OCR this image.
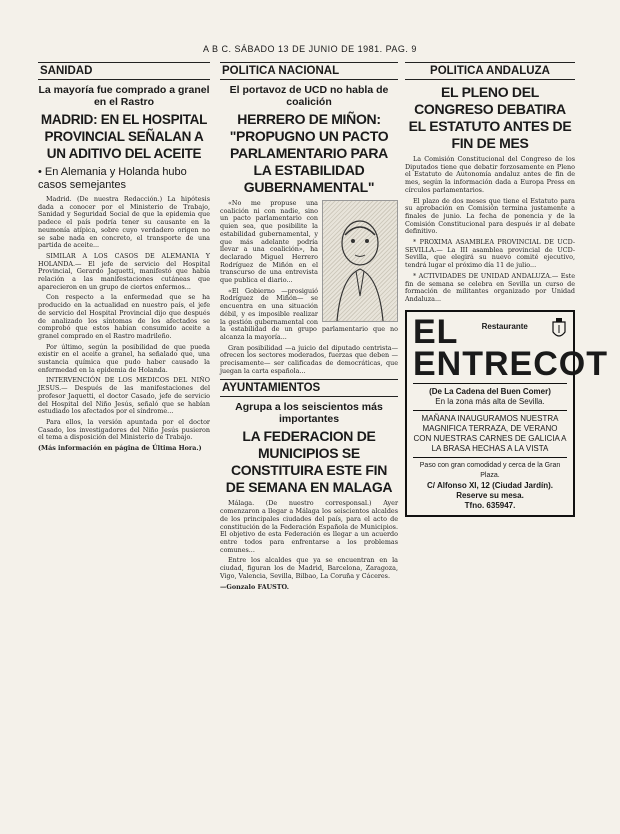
A B C. SÁBADO 13 DE JUNIO DE 1981. PAG. 9
SANIDAD
La mayoría fue comprado a granel en el Rastro
MADRID: EN EL HOSPITAL PROVINCIAL SEÑALAN A UN ADITIVO DEL ACEITE
• En Alemania y Holanda hubo casos semejantes

Madrid. (De nuestra Redacción.) La hipótesis dada a conocer por el Ministerio de Trabajo, Sanidad y Seguridad Social de que la epidemia que padece el país podría tener su causante en la neumonía atípica, sobre cuyo verdadero origen no se sabe nada en concreto, el transporte de una partida de aceite...

SIMILAR A LOS CASOS DE ALEMANIA Y HOLANDA.— El jefe de servicio del Hospital Provincial, Gerardo Jaquetti, manifestó que había relación a las manifestaciones cutáneas que aparecieron en un grupo de ciertos enfermos...

Con respecto a la enfermedad que se ha producido en la actualidad en nuestro país, el jefe de servicio del Hospital Provincial dijo que después de analizado los síntomas de los afectados se comprobó que estos habían consumido aceite a granel comprado en el Rastro madrileño.

Por último, según la posibilidad de que pueda existir en el aceite a granel, ha señalado que, una sustancia química que pudo haber causado la enfermedad en la epidemia de Holanda.

INTERVENCIÓN DE LOS MEDICOS DEL NIÑO JESUS.— Después de las manifestaciones del profesor Jaquetti, el doctor Casado, jefe de servicio del Hospital del Niño Jesús, señaló que se habían estudiado los afectados por el síndrome...

Para ellos, la versión apuntada por el doctor Casado, los investigadores del Niño Jesús pusieron el tema a disposición del Ministerio de Trabajo.

(Más información en página de Última Hora.)
POLITICA NACIONAL
El portavoz de UCD no habla de coalición
HERRERO DE MIÑON: "PROPUGNO UN PACTO PARLAMENTARIO PARA LA ESTABILIDAD GUBERNAMENTAL"

«No me propuse una coalición ni con nadie, sino un pacto parlamentario con quien sea, que posibilite la estabilidad gubernamental, y que más adelante podría llevar a una coalición», ha declarado Miguel Herrero Rodríguez de Miñón en el transcurso de una entrevista que publica el diario...

«El Gobierno —prosiguió Rodríguez de Miñón— se encuentra en una situación débil, y es imposible realizar la gestión gubernamental con la estabilidad de un grupo parlamentario que no alcanza la mayoría...

Gran posibilidad —a juicio del diputado centrista— ofrecen los sectores moderados, fuerzas que deben —precisamente— ser calificadas de democráticas, que juegan la carta española...

AYUNTAMIENTOS
Agrupa a los seiscientos más importantes
LA FEDERACION DE MUNICIPIOS SE CONSTITUIRA ESTE FIN DE SEMANA EN MALAGA

Málaga. (De nuestro corresponsal.) Ayer comenzaron a llegar a Málaga los seiscientos alcaldes de los principales ciudades del país, para el acto de constitución de la Federación Española de Municipios. El objetivo de esta Federación es llegar a un acuerdo entre todos para enfrentarse a los problemas comunes...

Entre los alcaldes que ya se encuentran en la ciudad, figuran los de Madrid, Barcelona, Zaragoza, Vigo, Valencia, Sevilla, Bilbao, La Coruña y Cáceres.

—Gonzalo FAUSTO.
POLITICA ANDALUZA
EL PLENO DEL CONGRESO DEBATIRA EL ESTATUTO ANTES DE FIN DE MES

La Comisión Constitucional del Congreso de los Diputados tiene que debatir forzosamente en Pleno el Estatuto de Autonomía andaluz antes de fin de mes, según la información dada a Europa Press en círculos parlamentarios.

El plazo de dos meses que tiene el Estatuto para su aprobación en Comisión termina justamente a finales de junio. La fecha de ponencia y de la Comisión Constitucional para después ir al debate definitivo.

* PROXIMA ASAMBLEA PROVINCIAL DE UCD-SEVILLA.— La III asamblea provincial de UCD-Sevilla, que elegirá su nuevo comité ejecutivo, tendrá lugar el próximo día 11 de julio...

* ACTIVIDADES DE UNIDAD ANDALUZA.— Este fin de semana se celebra en Sevilla un curso de formación de militantes organizado por Unidad Andaluza...

EL	Restaurante
ENTRECOT
(De La Cadena del Buen Comer)
En la zona más alta de Sevilla.
MAÑANA INAUGURAMOS NUESTRA MAGNIFICA TERRAZA, DE VERANO CON NUESTRAS CARNES DE GALICIA A LA BRASA HECHAS A LA VISTA
Paso con gran comodidad y cerca de la Gran Plaza.
C/ Alfonso XI, 12 (Ciudad Jardín). Reserve su mesa.
Tfno. 635947.
